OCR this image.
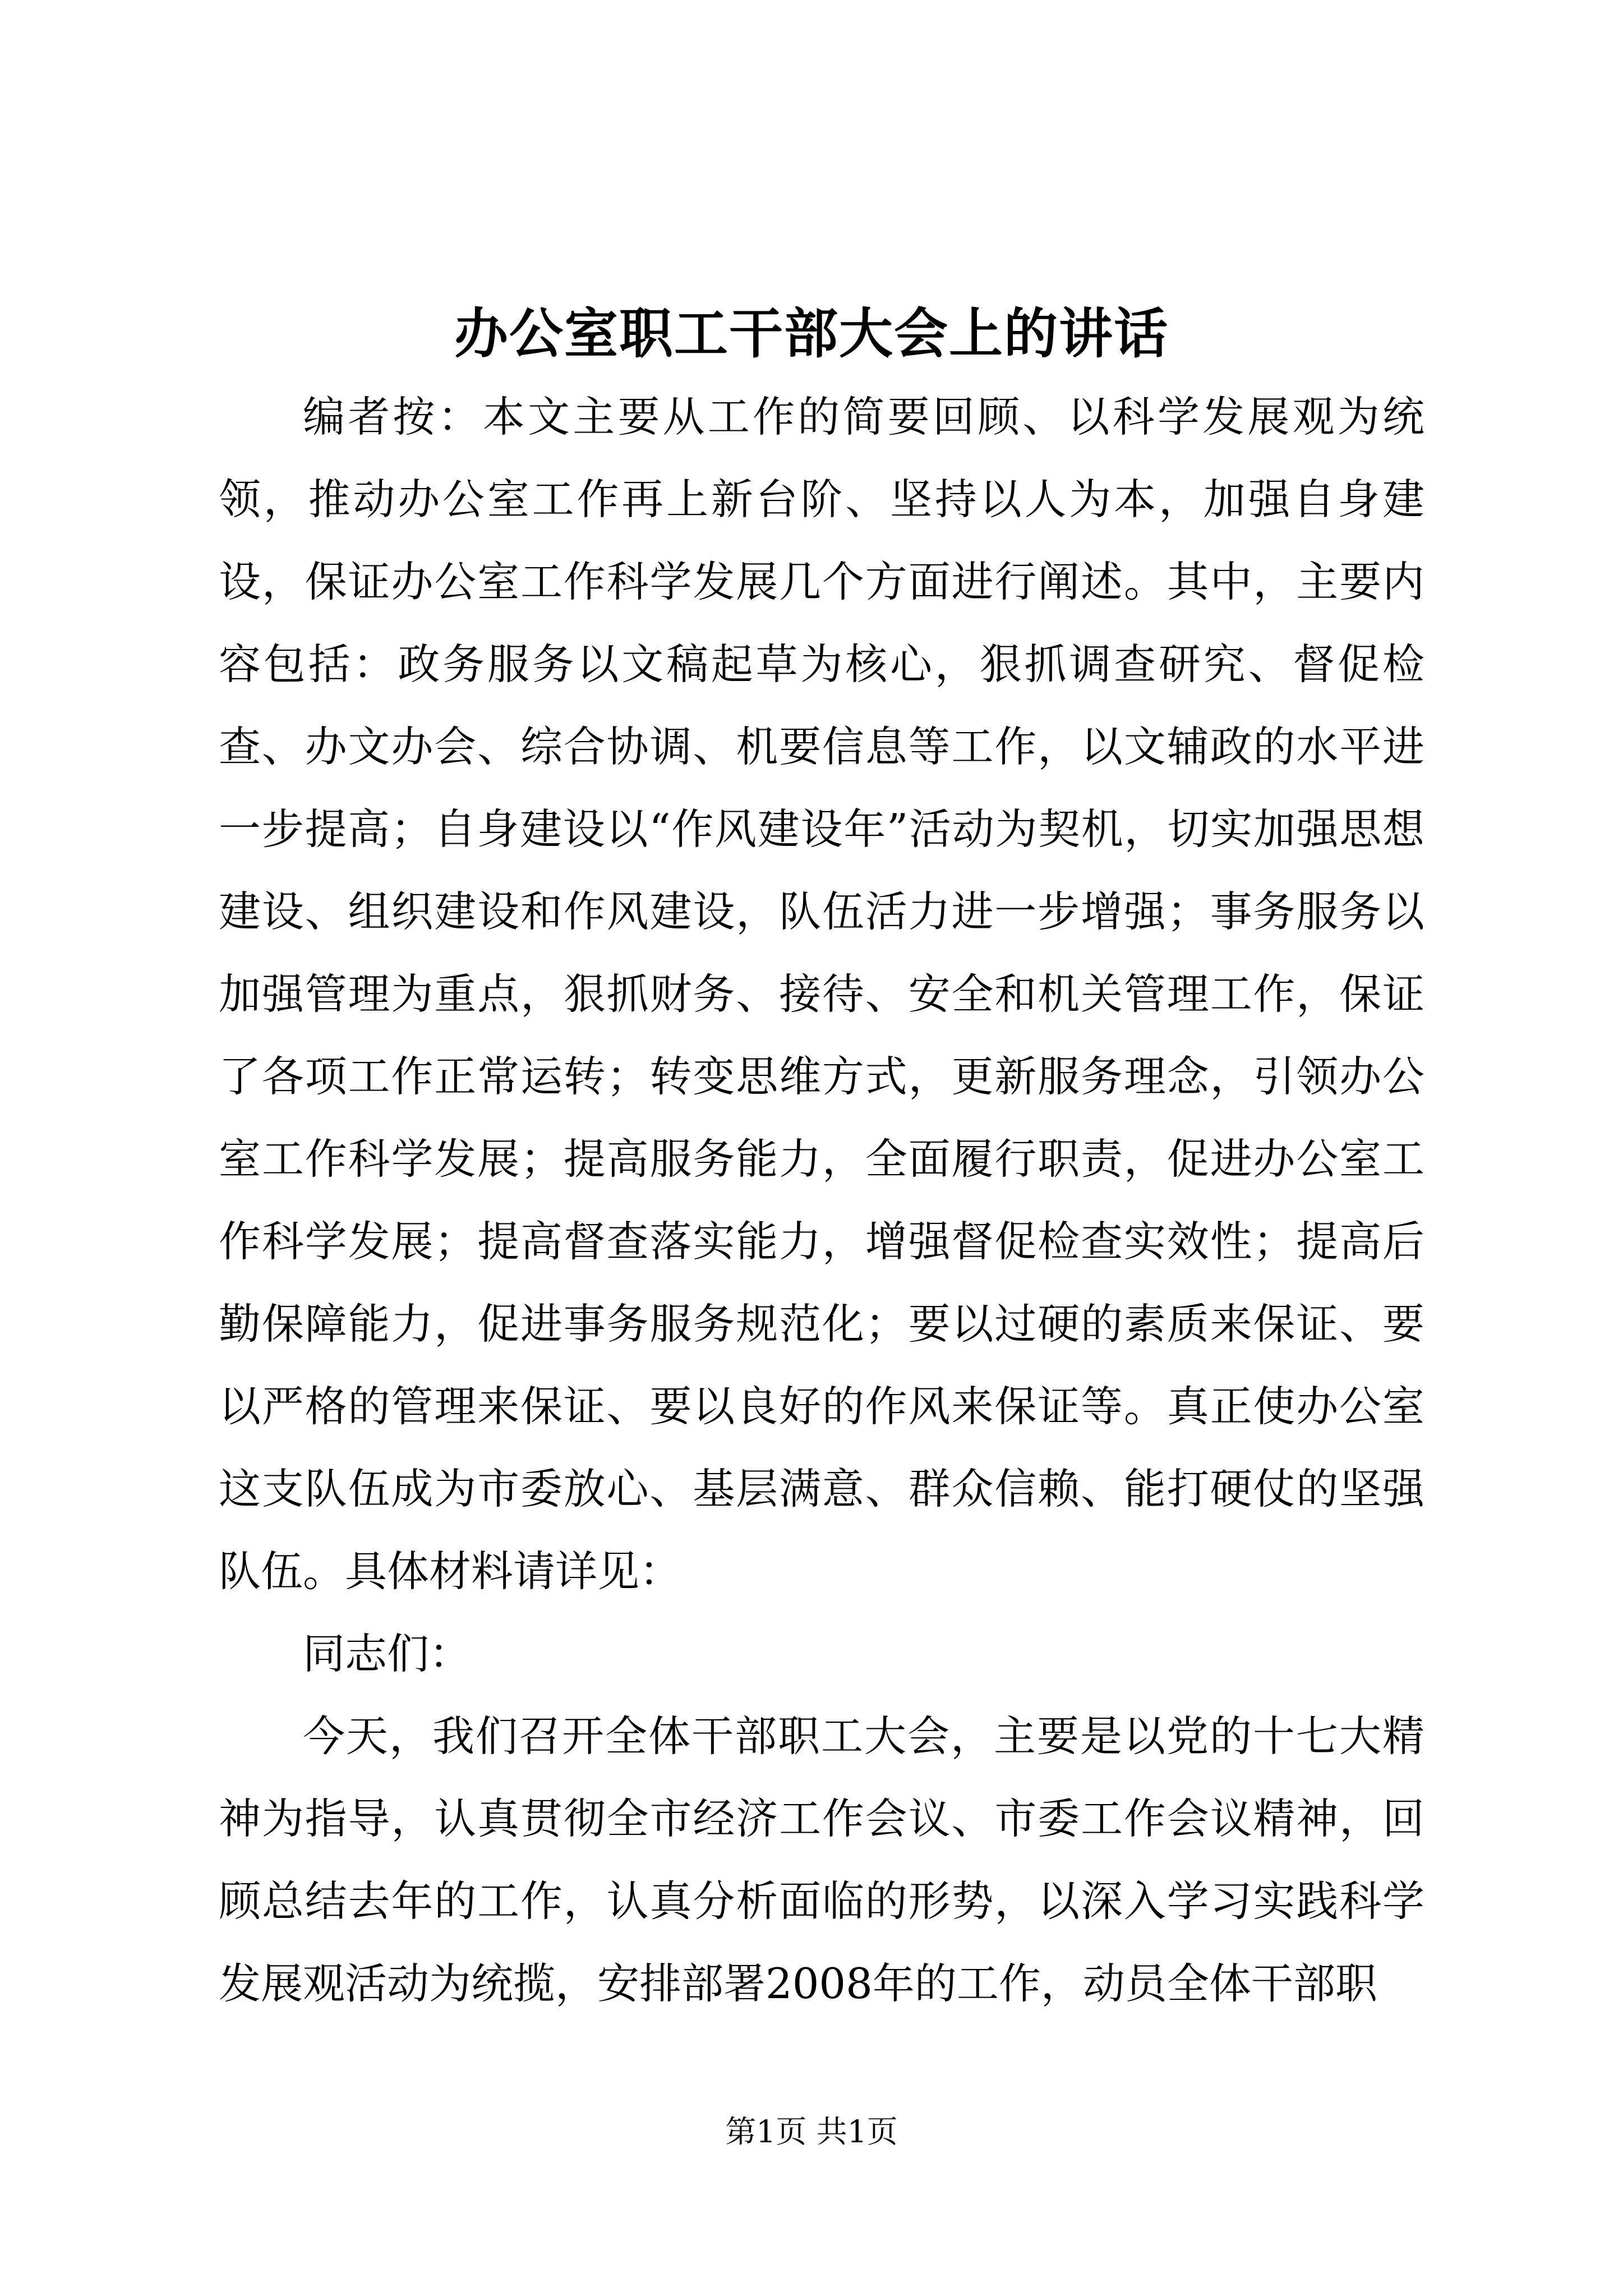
办公室职工干部大会上的讲话

编者按：本文主要从工作的简要回顾、以科学发展观为统领，推动办公室工作再上新台阶、坚持以人为本，加强自身建设，保证办公室工作科学发展几个方面进行阐述。其中，主要内容包括：政务服务以文稿起草为核心，狠抓调查研究、督促检查、办文办会、综合协调、机要信息等工作，以文辅政的水平进一步提高；自身建设以“作风建设年”活动为契机，切实加强思想建设、组织建设和作风建设，队伍活力进一步增强；事务服务以加强管理为重点，狠抓财务、接待、安全和机关管理工作，保证了各项工作正常运转；转变思维方式，更新服务理念，引领办公室工作科学发展；提高服务能力，全面履行职责，促进办公室工作科学发展；提高督查落实能力，增强督促检查实效性；提高后勤保障能力，促进事务服务规范化；要以过硬的素质来保证、要以严格的管理来保证、要以良好的作风来保证等。真正使办公室这支队伍成为市委放心、基层满意、群众信赖、能打硬仗的坚强队伍。具体材料请详见：

同志们：

今天，我们召开全体干部职工大会，主要是以党的十七大精神为指导，认真贯彻全市经济工作会议、市委工作会议精神，回顾总结去年的工作，认真分析面临的形势，以深入学习实践科学发展观活动为统揽，安排部署2008年的工作，动员全体干部职

第1页 共1页
